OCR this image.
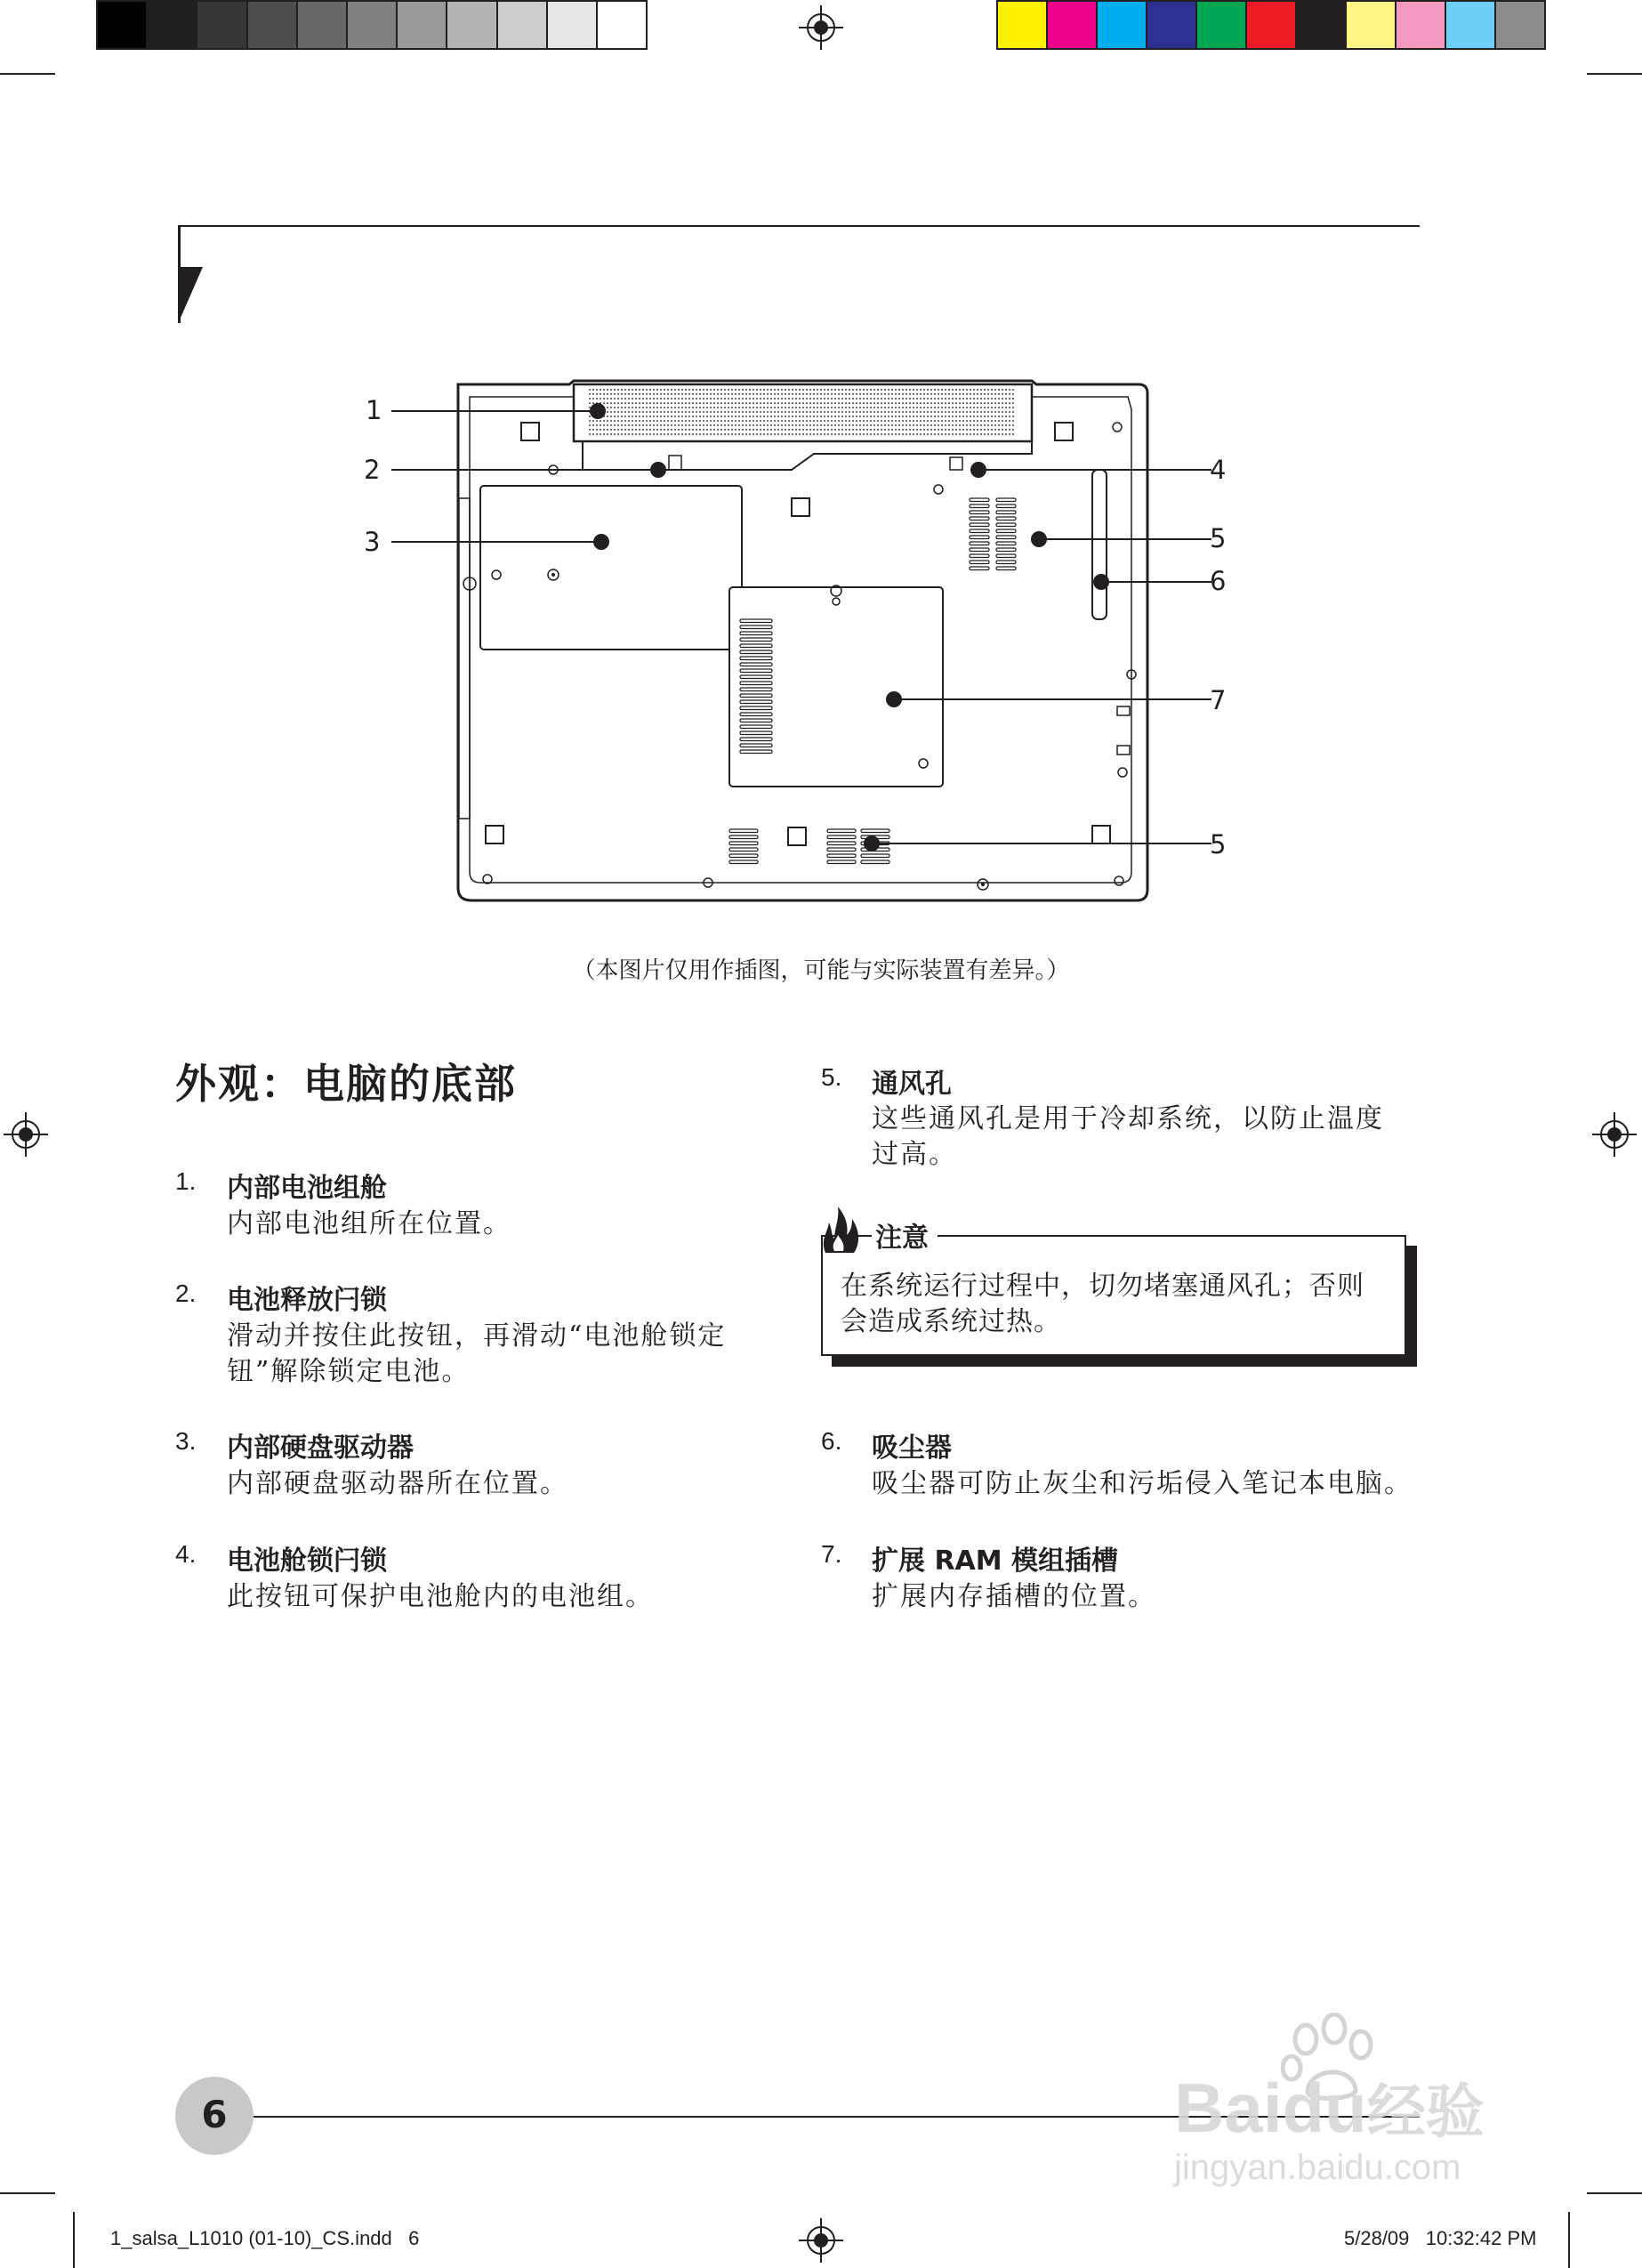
1
2
3
4
5
6
7
5
（本图片仅用作插图，可能与实际装置有差异。）
外观：电脑的底部
1. 内部电池组舱
内部电池组所在位置。
2. 电池释放闩锁
滑动并按住此按钮，再滑动“电池舱锁定
钮”解除锁定电池。
3. 内部硬盘驱动器
内部硬盘驱动器所在位置。
4. 电池舱锁闩锁
此按钮可保护电池舱内的电池组。
5. 通风孔
这些通风孔是用于冷却系统，以防止温度
过高。
注意
在系统运行过程中，切勿堵塞通风孔；否则
会造成系统过热。
6. 吸尘器
吸尘器可防止灰尘和污垢侵入笔记本电脑。
7. 扩展 RAM 模组插槽
扩展内存插槽的位置。
6	Baidu经验
jingyan.baidu.com
1_salsa_L1010 (01-10)_CS.indd   6	5/28/09   10:32:42 PM
